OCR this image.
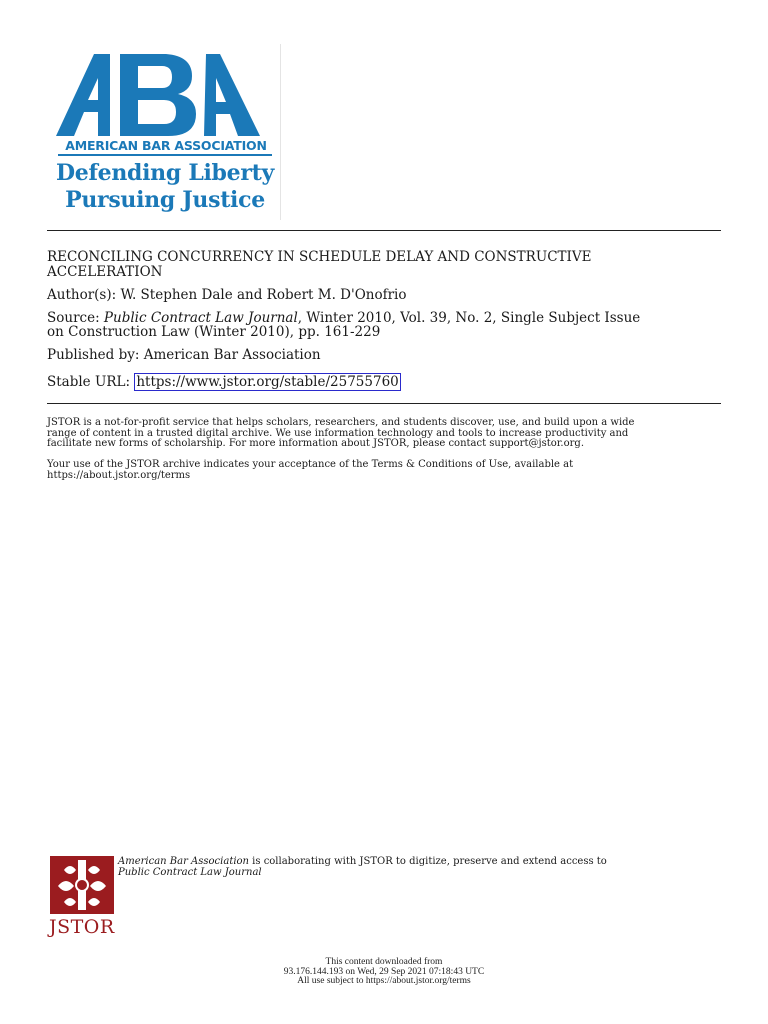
AMERICAN BAR ASSOCIATION
Defending Liberty
Pursuing Justice
RECONCILING CONCURRENCY IN SCHEDULE DELAY AND CONSTRUCTIVE
ACCELERATION
Author(s): W. Stephen Dale and Robert M. D'Onofrio
Source: Public Contract Law Journal, Winter 2010, Vol. 39, No. 2, Single Subject Issue
on Construction Law (Winter 2010), pp. 161-229
Published by: American Bar Association
Stable URL: https://www.jstor.org/stable/25755760
JSTOR is a not-for-profit service that helps scholars, researchers, and students discover, use, and build upon a wide
range of content in a trusted digital archive. We use information technology and tools to increase productivity and
facilitate new forms of scholarship. For more information about JSTOR, please contact support@jstor.org.
Your use of the JSTOR archive indicates your acceptance of the Terms & Conditions of Use, available at
https://about.jstor.org/terms
JSTOR
American Bar Association is collaborating with JSTOR to digitize, preserve and extend access to
Public Contract Law Journal
This content downloaded from
93.176.144.193 on Wed, 29 Sep 2021 07:18:43 UTC
All use subject to https://about.jstor.org/terms
